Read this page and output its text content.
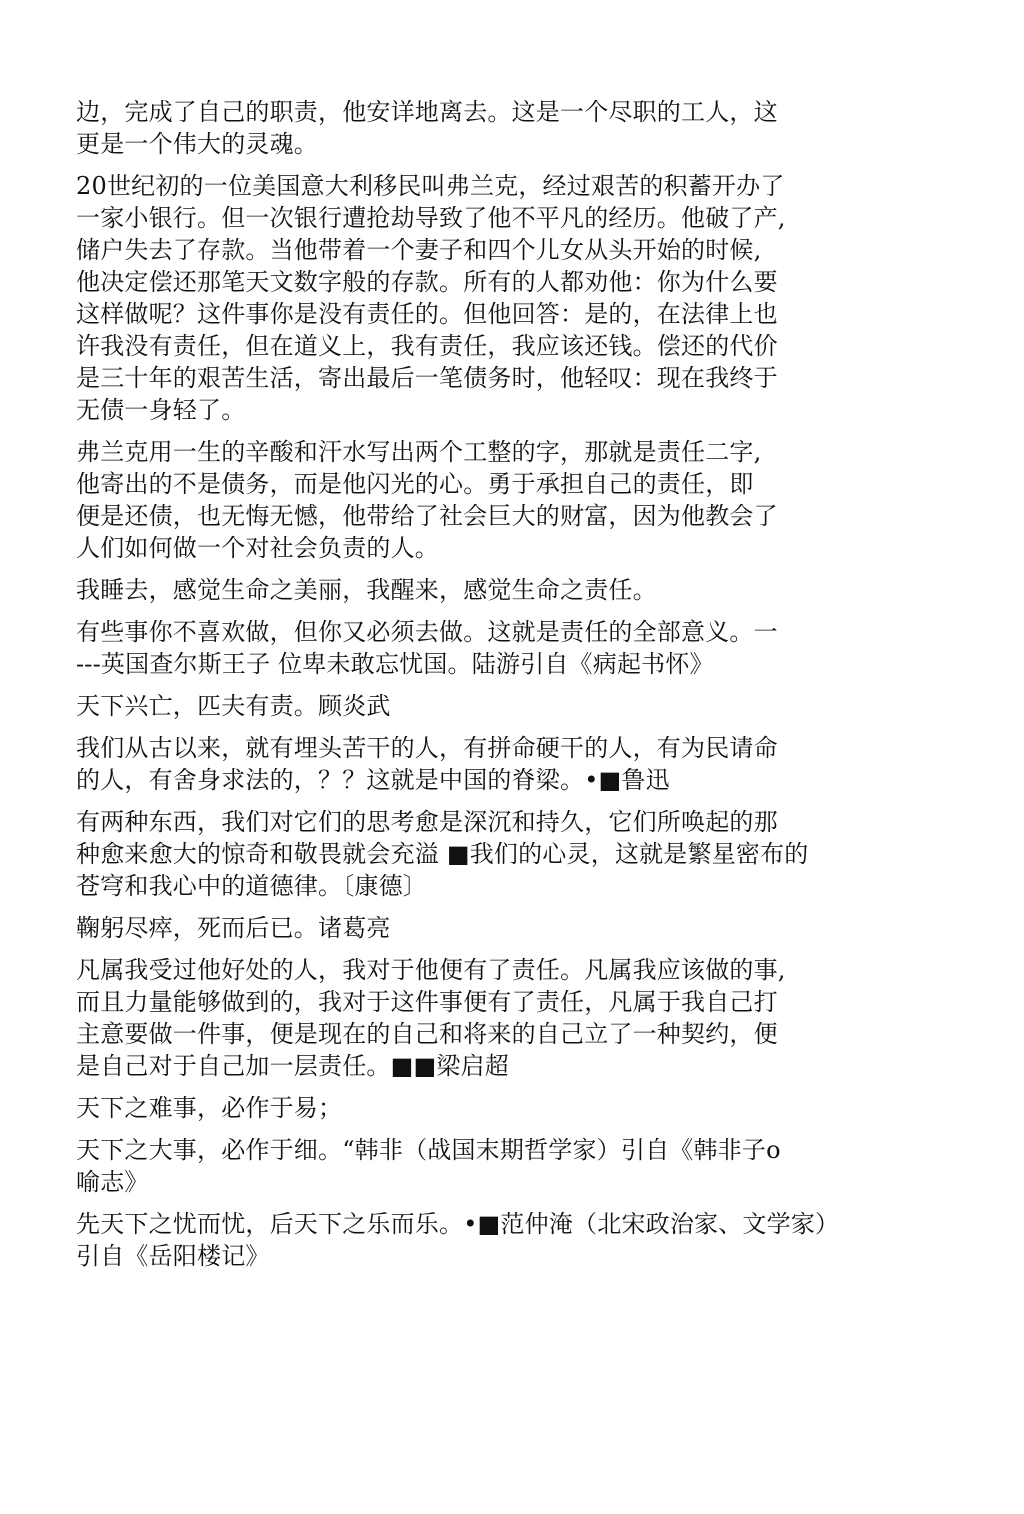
边，完成了自己的职责，他安详地离去。这是一个尽职的工人，这
更是一个伟大的灵魂。

20世纪初的一位美国意大利移民叫弗兰克，经过艰苦的积蓄开办了
一家小银行。但一次银行遭抢劫导致了他不平凡的经历。他破了产,
储户失去了存款。当他带着一个妻子和四个儿女从头开始的时候,
他决定偿还那笔天文数字般的存款。所有的人都劝他：你为什么要
这样做呢？这件事你是没有责任的。但他回答：是的，在法律上也
许我没有责任，但在道义上，我有责任，我应该还钱。偿还的代价
是三十年的艰苦生活，寄出最后一笔债务时，他轻叹：现在我终于
无债一身轻了。

弗兰克用一生的辛酸和汗水写出两个工整的字，那就是责任二字,
他寄出的不是债务，而是他闪光的心。勇于承担自己的责任，即
便是还债，也无悔无憾，他带给了社会巨大的财富，因为他教会了
人们如何做一个对社会负责的人。

我睡去，感觉生命之美丽，我醒来，感觉生命之责任。

有些事你不喜欢做，但你又必须去做。这就是责任的全部意义。一
---英国查尔斯王子 位卑未敢忘忧国。陆游引自《病起书怀》

天下兴亡，匹夫有责。顾炎武

我们从古以来，就有埋头苦干的人，有拼命硬干的人，有为民请命
的人，有舍身求法的，？？这就是中国的脊梁。•■鲁迅

有两种东西，我们对它们的思考愈是深沉和持久，它们所唤起的那
种愈来愈大的惊奇和敬畏就会充溢 ■我们的心灵，这就是繁星密布的
苍穹和我心中的道德律。〔康德〕

鞠躬尽瘁，死而后已。诸葛亮

凡属我受过他好处的人，我对于他便有了责任。凡属我应该做的事,
而且力量能够做到的，我对于这件事便有了责任，凡属于我自己打
主意要做一件事，便是现在的自己和将来的自己立了一种契约，便
是自己对于自己加一层责任。■■梁启超

天下之难事，必作于易；

天下之大事，必作于细。“韩非（战国末期哲学家）引自《韩非子o
喻志》

先天下之忧而忧，后天下之乐而乐。•■范仲淹（北宋政治家、文学家）
引自《岳阳楼记》
